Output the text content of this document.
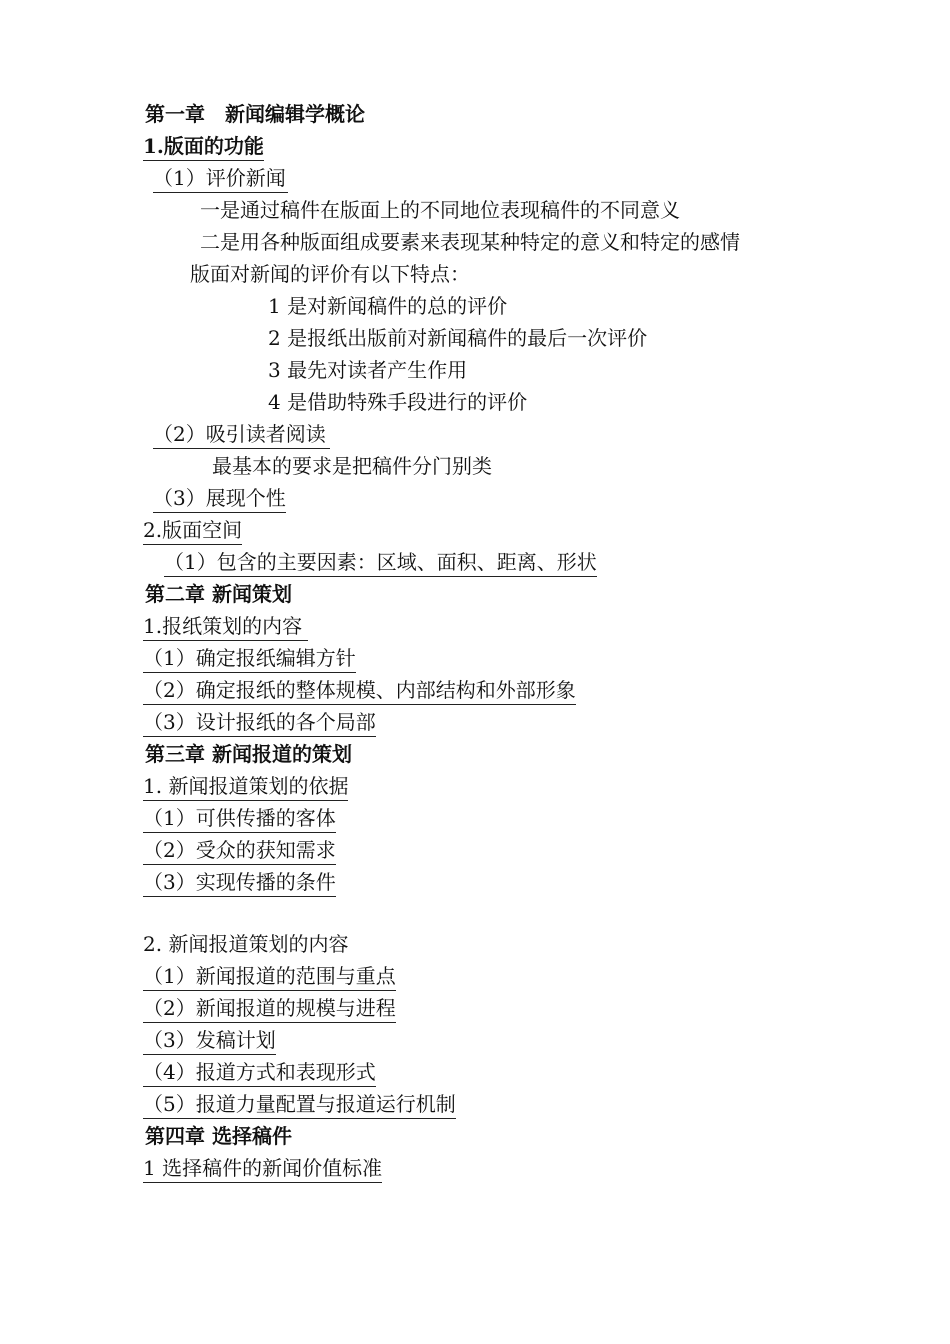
第一章　新闻编辑学概论
1.版面的功能
（1）评价新闻
一是通过稿件在版面上的不同地位表现稿件的不同意义
二是用各种版面组成要素来表现某种特定的意义和特定的感情
版面对新闻的评价有以下特点：
1 是对新闻稿件的总的评价
2 是报纸出版前对新闻稿件的最后一次评价
3 最先对读者产生作用
4 是借助特殊手段进行的评价
（2）吸引读者阅读
最基本的要求是把稿件分门别类
（3）展现个性
2.版面空间
（1）包含的主要因素：区域、面积、距离、形状
第二章 新闻策划
1.报纸策划的内容
（1）确定报纸编辑方针
（2）确定报纸的整体规模、内部结构和外部形象
（3）设计报纸的各个局部
第三章 新闻报道的策划
1. 新闻报道策划的依据
（1）可供传播的客体
（2）受众的获知需求
（3）实现传播的条件
2. 新闻报道策划的内容
（1）新闻报道的范围与重点
（2）新闻报道的规模与进程
（3）发稿计划
（4）报道方式和表现形式
（5）报道力量配置与报道运行机制
第四章 选择稿件
1 选择稿件的新闻价值标准
